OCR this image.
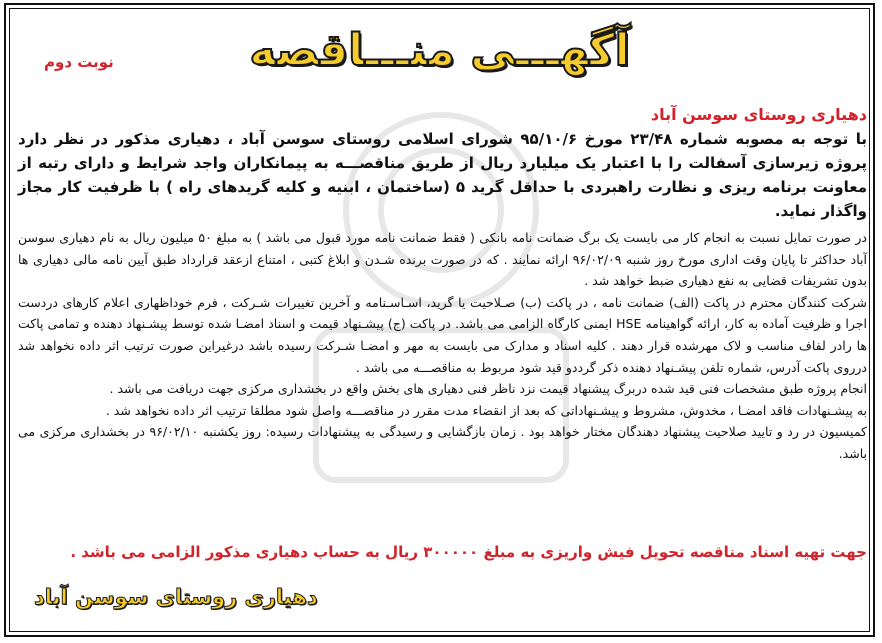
آگهـــی منـــاقصه
نوبت دوم
دهیاری روستای سوسن آباد
با توجه به مصوبه شماره ۲۳/۴۸ مورخ ۹۵/۱۰/۶ شورای اسلامی روستای سوسن آباد ، دهیاری مذکور در نظر دارد پروژه زیرسازی آسفالت را با اعتبار یک میلیارد ریال از طریق مناقصـــه به پیمانکاران واجد شرایط و دارای رتبه از معاونت برنامه ریزی و نظارت راهبردی با حداقل گرید ۵ (ساختمان ، ابنیه و کلیه گریدهای راه ) با ظرفیت کار مجاز واگذار نماید.

در صورت تمایل نسبت به انجام کار می بایست یک برگ ضمانت نامه بانکی ( فقط ضمانت نامه مورد قبول می باشد ) به مبلغ ۵۰ میلیون ریال به نام دهیاری سوسن آباد حداکثر تا پایان وقت اداری مورخ روز شنبه ۹۶/۰۲/۰۹ ارائه نمایند . که در صورت برنده شـدن و ابلاغ کتبی ، امتناع ازعقد قرارداد طبق آیین نامه مالی دهیاری ها بدون تشریفات قضایی به نفع دهیاری ضبط خواهد شد .

شرکت کنندگان محترم در پاکت (الف) ضمانت نامه ، در پاکت (ب) صـلاحیت یا گرید، اسـاسـنامه و آخرین تغییرات شـرکت ، فرم خوداظهاری اعلام کارهای دردست اجرا و ظرفیت آماده به کار، ارائه گواهینامه HSE ایمنی کارگاه الزامی می باشد. در پاکت (ج) پیشـنهاد قیمت و اسناد امضـا شده توسط پیشـنهاد دهنده و تمامی پاکت ها رادر لفاف مناسب و لاک مهرشده قرار دهند . کلیه اسناد و مدارک می بایست به مهر و امضـا شـرکت رسیده باشد درغیراین صورت ترتیب اثر داده نخواهد شد درروی پاکت آدرس، شماره تلفن پیشـنهاد دهنده ذکر گرددو قید شود مربوط به مناقصـــه می باشد .

انجام پروژه طبق مشخصات فنی قید شده دربرگ پیشنهاد قیمت نزد ناظر فنی دهیاری های بخش واقع در بخشداری مرکزی جهت دریافت می باشد .

به پیشـنهادات فاقد امضـا ، مخدوش، مشروط و پیشـنهاداتی که بعد از انقضاء مدت مقرر در مناقصـــه واصل شود مطلقا ترتیب اثر داده نخواهد شد .

کمیسیون در رد و تایید صلاحیت پیشنهاد دهندگان مختار خواهد بود . زمان بازگشایی و رسیدگی به پیشنهادات رسیده: روز یکشنبه ۹۶/۰۲/۱۰ در بخشداری مرکزی می باشد.

جهت تهیه اسناد مناقصه تحویل فیش واریزی به مبلغ ۳۰۰۰۰۰ ریال به حساب دهیاری مذکور الزامی می باشد .
دهیاری روستای سوسن آباد
